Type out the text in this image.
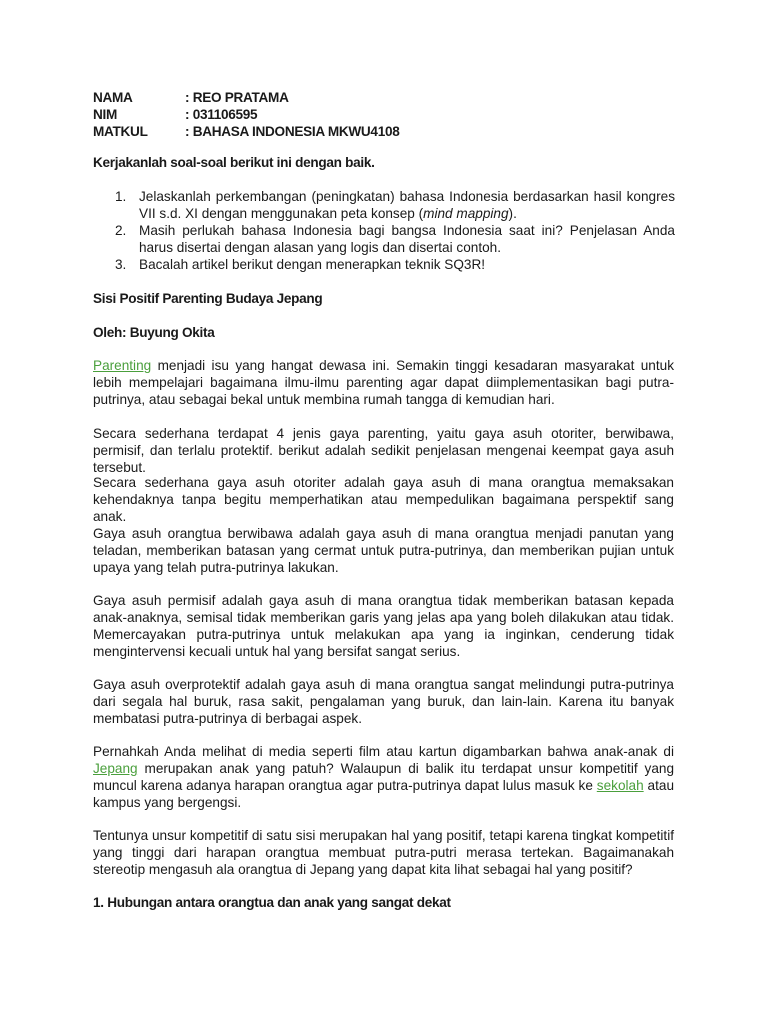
NAMA	: REO PRATAMA
NIM	: 031106595
MATKUL	: BAHASA INDONESIA MKWU4108
Kerjakanlah soal-soal berikut ini dengan baik.
1. Jelaskanlah perkembangan (peningkatan) bahasa Indonesia berdasarkan hasil kongres VII s.d. XI dengan menggunakan peta konsep (mind mapping).
2. Masih perlukah bahasa Indonesia bagi bangsa Indonesia saat ini? Penjelasan Anda harus disertai dengan alasan yang logis dan disertai contoh.
3. Bacalah artikel berikut dengan menerapkan teknik SQ3R!
Sisi Positif Parenting Budaya Jepang
Oleh: Buyung Okita
Parenting menjadi isu yang hangat dewasa ini. Semakin tinggi kesadaran masyarakat untuk lebih mempelajari bagaimana ilmu-ilmu parenting agar dapat diimplementasikan bagi putra-putrinya, atau sebagai bekal untuk membina rumah tangga di kemudian hari.
Secara sederhana terdapat 4 jenis gaya parenting, yaitu gaya asuh otoriter, berwibawa, permisif, dan terlalu protektif. berikut adalah sedikit penjelasan mengenai keempat gaya asuh tersebut.
Secara sederhana gaya asuh otoriter adalah gaya asuh di mana orangtua memaksakan kehendaknya tanpa begitu memperhatikan atau mempedulikan bagaimana perspektif sang anak.
Gaya asuh orangtua berwibawa adalah gaya asuh di mana orangtua menjadi panutan yang teladan, memberikan batasan yang cermat untuk putra-putrinya, dan memberikan pujian untuk upaya yang telah putra-putrinya lakukan.
Gaya asuh permisif adalah gaya asuh di mana orangtua tidak memberikan batasan kepada anak-anaknya, semisal tidak memberikan garis yang jelas apa yang boleh dilakukan atau tidak. Memercayakan putra-putrinya untuk melakukan apa yang ia inginkan, cenderung tidak mengintervensi kecuali untuk hal yang bersifat sangat serius.
Gaya asuh overprotektif adalah gaya asuh di mana orangtua sangat melindungi putra-putrinya dari segala hal buruk, rasa sakit, pengalaman yang buruk, dan lain-lain. Karena itu banyak membatasi putra-putrinya di berbagai aspek.
Pernahkah Anda melihat di media seperti film atau kartun digambarkan bahwa anak-anak di Jepang merupakan anak yang patuh? Walaupun di balik itu terdapat unsur kompetitif yang muncul karena adanya harapan orangtua agar putra-putrinya dapat lulus masuk ke sekolah atau kampus yang bergengsi.
Tentunya unsur kompetitif di satu sisi merupakan hal yang positif, tetapi karena tingkat kompetitif yang tinggi dari harapan orangtua membuat putra-putri merasa tertekan. Bagaimanakah stereotip mengasuh ala orangtua di Jepang yang dapat kita lihat sebagai hal yang positif?
1. Hubungan antara orangtua dan anak yang sangat dekat
